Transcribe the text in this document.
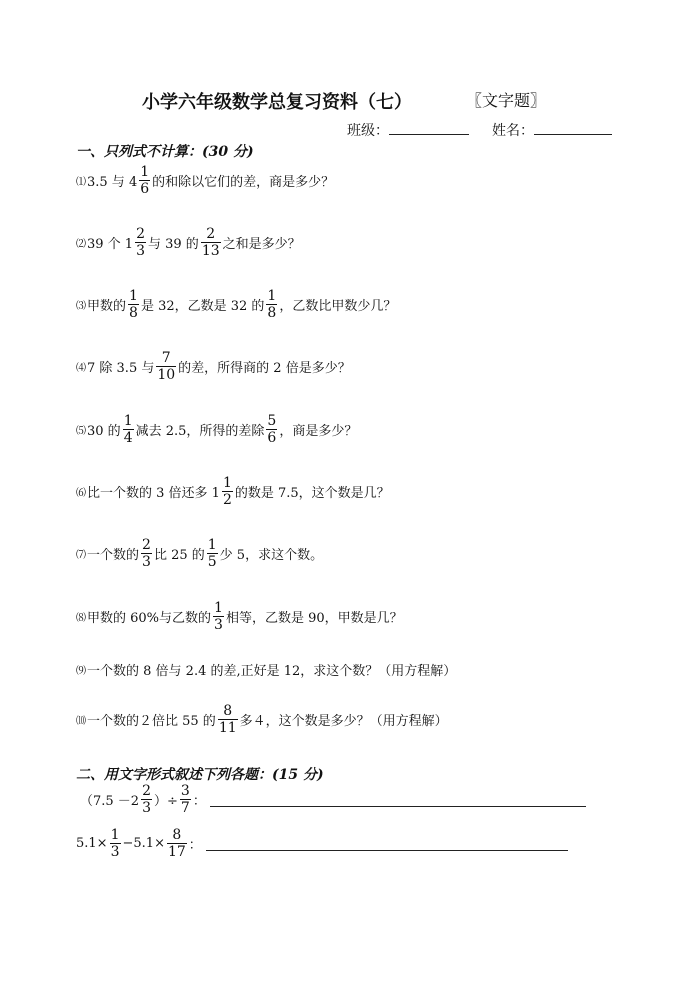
小学六年级数学总复习资料（七）	〖文字题〗
班级：	姓名：
一、只列式不计算：(30 分)
⑴ 3.5 与 $4 \frac{1}{6}$ 的和除以它们的差，商是多少？
⑵ 39 个 $1 \frac{2}{3}$ 与 39 的 $\frac{2}{13}$ 之和是多少？
⑶ 甲数的 $\frac{1}{8}$ 是 32，乙数是 32 的 $\frac{1}{8}$ ，乙数比甲数少几？
⑷ 7 除 3.5 与 $\frac{7}{10}$ 的差，所得商的 2 倍是多少？
⑸ 30 的 $\frac{1}{4}$ 减去 2.5，所得的差除 $\frac{5}{6}$ ，商是多少？
⑹ 比一个数的 3 倍还多 $1 \frac{1}{2}$ 的数是 7.5，这个数是几？
⑺ 一个数的 $\frac{2}{3}$ 比 25 的 $\frac{1}{5}$ 少 5，求这个数。
⑻ 甲数的 60%与乙数的 $\frac{1}{3}$ 相等，乙数是 90，甲数是几？
⑼ 一个数的 8 倍与 2.4 的差,正好是 12，求这个数？（用方程解）
⑽ 一个数的２倍比 55 的 $\frac{8}{11}$ 多４，这个数是多少？（用方程解）
二、用文字形式叙述下列各题：(15 分)
（$7.5 -2 \frac{2}{3}$ ）÷ $\frac{3}{7}$ ：
$5.1\times \frac{1}{3} -5.1\times \frac{8}{17}$ ：
